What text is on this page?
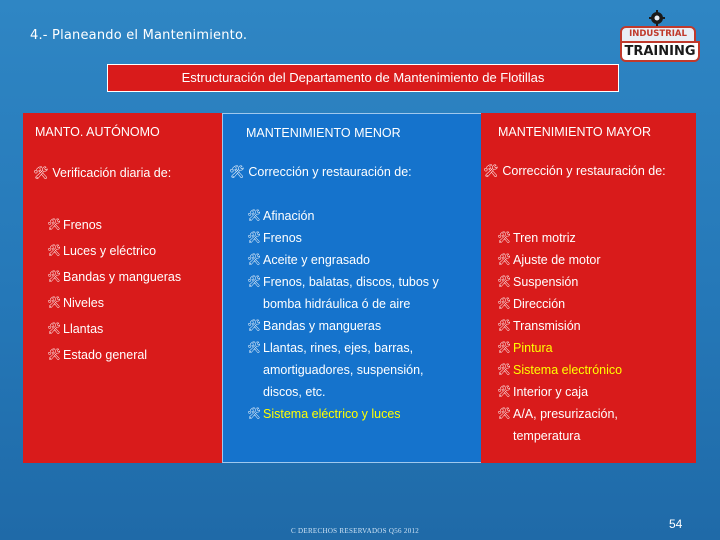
4.- Planeando el Mantenimiento.	INDUSTRIAL
TRAINING
Estructuración del Departamento de Mantenimiento de Flotillas
MANTO. AUTÓNOMO
🛠 Verificación diaria de:
🛠 Frenos
🛠 Luces y eléctrico
🛠 Bandas y mangueras
🛠 Niveles
🛠 Llantas
🛠 Estado general
MANTENIMIENTO MENOR
🛠 Corrección y restauración de:
🛠 Afinación
🛠 Frenos
🛠 Aceite y engrasado
🛠 Frenos, balatas, discos, tubos y bomba hidráulica ó de aire
🛠 Bandas y mangueras
🛠 Llantas, rines, ejes, barras, amortiguadores, suspensión, discos, etc.
🛠 Sistema eléctrico y luces
MANTENIMIENTO MAYOR
🛠 Corrección y restauración de:
🛠 Tren motriz
🛠 Ajuste de motor
🛠 Suspensión
🛠 Dirección
🛠 Transmisión
🛠 Pintura
🛠 Sistema electrónico
🛠 Interior y caja
🛠 A/A, presurización, temperatura
C DERECHOS RESERVADOS Q56 2012	54
